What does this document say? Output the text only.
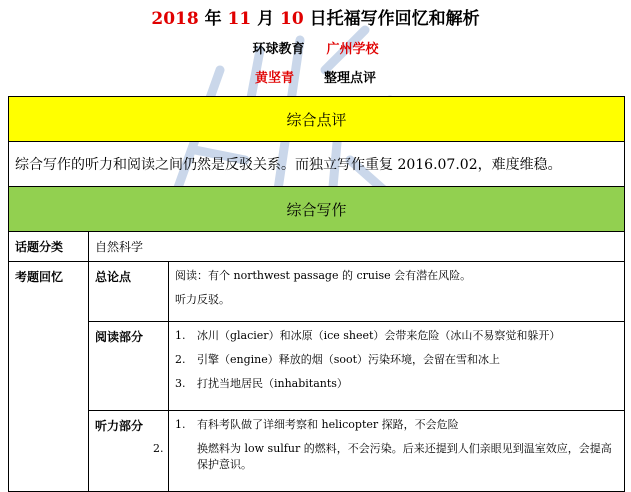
2018 年 11 月 10 日托福写作回忆和解析
环球教育 广州学校
黄坚青 整理点评
综合点评		
综合写作的听力和阅读之间仍然是反驳关系。而独立写作重复 2016.07.02，难度维稳。		
综合写作		
话题分类	自然科学	
考题回忆	总论点	阅读：有个 northwest passage 的 cruise 会有潜在风险。

听力反驳。

	阅读部分	1. 冰川（glacier）和冰原（ice sheet）会带来危险（冰山不易察觉和躲开）

2. 引擎（engine）释放的烟（soot）污染环境，会留在雪和冰上

3. 打扰当地居民（inhabitants）

	听力部分	1. 有科考队做了详细考察和 helicopter 探路，不会危险

2. 换燃料为 low sulfur 的燃料，不会污染。后来还提到人们亲眼见到温室效应，会提高保护意识。
